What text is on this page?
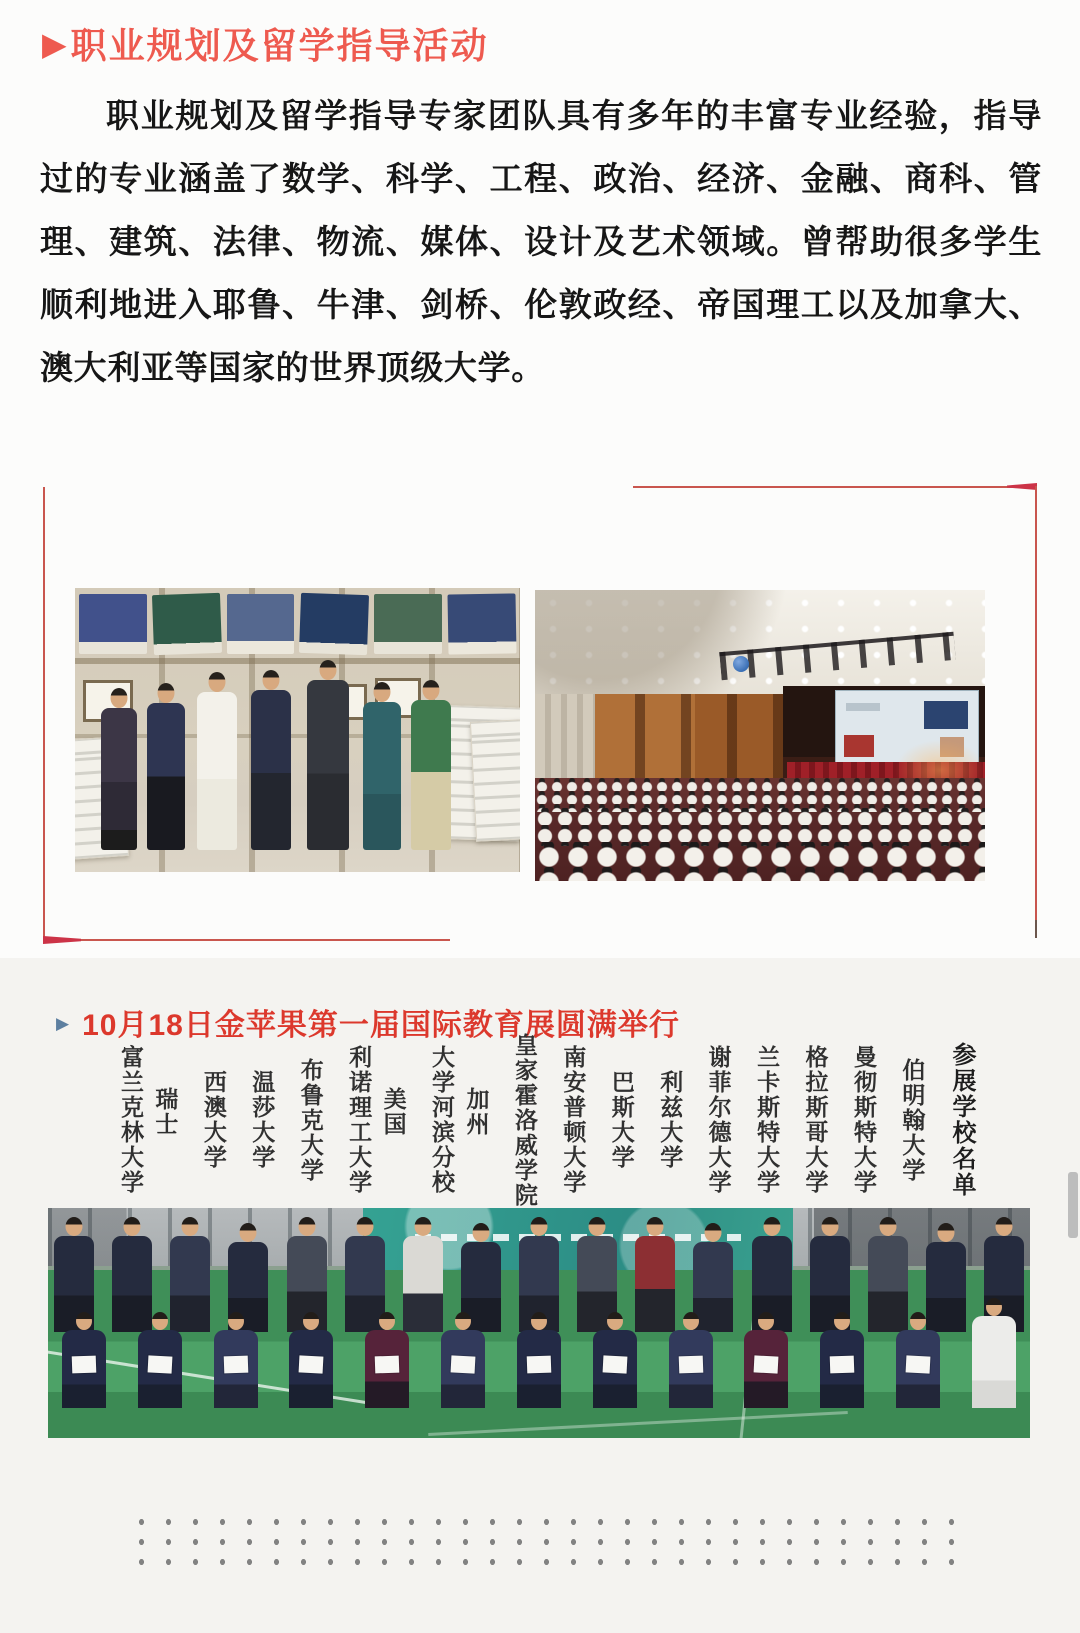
▶ 职业规划及留学指导活动

职业规划及留学指导专家团队具有多年的丰富专业经验，指导过的专业涵盖了数学、科学、工程、政治、经济、金融、商科、管理、建筑、法律、物流、媒体、设计及艺术领域。曾帮助很多学生顺利地进入耶鲁、牛津、剑桥、伦敦政经、帝国理工以及加拿大、澳大利亚等国家的世界顶级大学。

▶ 10月18日金苹果第一届国际教育展圆满举行
参展学校名单
伯明翰大学
曼彻斯特大学
格拉斯哥大学
兰卡斯特大学
谢菲尔德大学
利兹大学
巴斯大学
南安普顿大学
皇家霍洛威学院
加州
大学河滨分校
美国
利诺理工大学
布鲁克大学
温莎大学
西澳大学
瑞士
富兰克林大学
